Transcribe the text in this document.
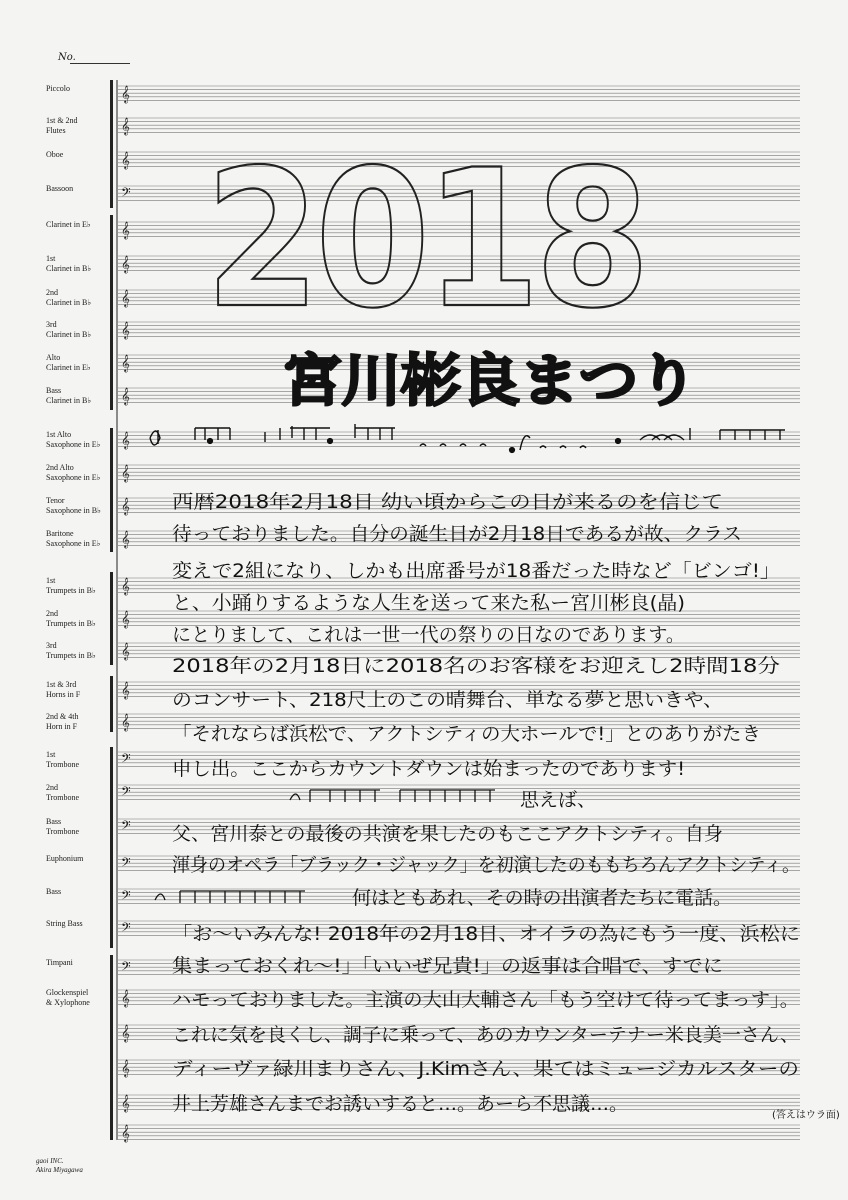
No.
Piccolo
1st & 2nd
Flutes
Oboe
Bassoon
Clarinet in E♭
1st
Clarinet in B♭
2nd
Clarinet in B♭
3rd
Clarinet in B♭
Alto
Clarinet in E♭
Bass
Clarinet in B♭
1st Alto
Saxophone in E♭
2nd Alto
Saxophone in E♭
Tenor
Saxophone in B♭
Baritone
Saxophone in E♭
1st
Trumpets in B♭
2nd
Trumpets in B♭
3rd
Trumpets in B♭
1st & 3rd
Horns in F
2nd & 4th
Horn in F
1st
Trombone
2nd
Trombone
Bass
Trombone
Euphonium
Bass
String Bass
Timpani
Glockenspiel
& Xylophone
𝄞
𝄞
𝄞
𝄢
𝄞
𝄞
𝄞
𝄞
𝄞
𝄞
𝄞
𝄞
𝄞
𝄞
𝄞
𝄞
𝄞
𝄞
𝄞
𝄢
𝄢
𝄢
𝄢
𝄢
𝄢
𝄢
𝄞
𝄞
𝄞
𝄞
𝄞
2018
宮川彬良まつり
西暦2018年2月18日 幼い頃からこの日が来るのを信じて
待っておりました。自分の誕生日が2月18日であるが故、クラス
変えで2組になり、しかも出席番号が18番だった時など「ビンゴ!」
と、小踊りするような人生を送って来た私ー宮川彬良(晶)
にとりまして、これは一世一代の祭りの日なのであります。
2018年の2月18日に2018名のお客様をお迎えし2時間18分
のコンサート、218尺上のこの晴舞台、単なる夢と思いきや、
「それならば浜松で、アクトシティの大ホールで!」とのありがたき
申し出。ここからカウントダウンは始まったのであります!
思えば、
父、宮川泰との最後の共演を果したのもここアクトシティ。自身
渾身のオペラ「ブラック・ジャック」を初演したのももちろんアクトシティ。
何はともあれ、その時の出演者たちに電話。
「お〜いみんな! 2018年の2月18日、オイラの為にもう一度、浜松に
集まっておくれ〜!」「いいぜ兄貴!」の返事は合唱で、すでに
ハモっておりました。主演の大山大輔さん「もう空けて待ってまっす」。
これに気を良くし、調子に乗って、あのカウンターテナー米良美一さん、
ディーヴァ緑川まりさん、J.Kimさん、果てはミュージカルスターの
井上芳雄さんまでお誘いすると…。あーら不思議…。
(答えはウラ面)
gaoi INC.
Akira Miyagawa
